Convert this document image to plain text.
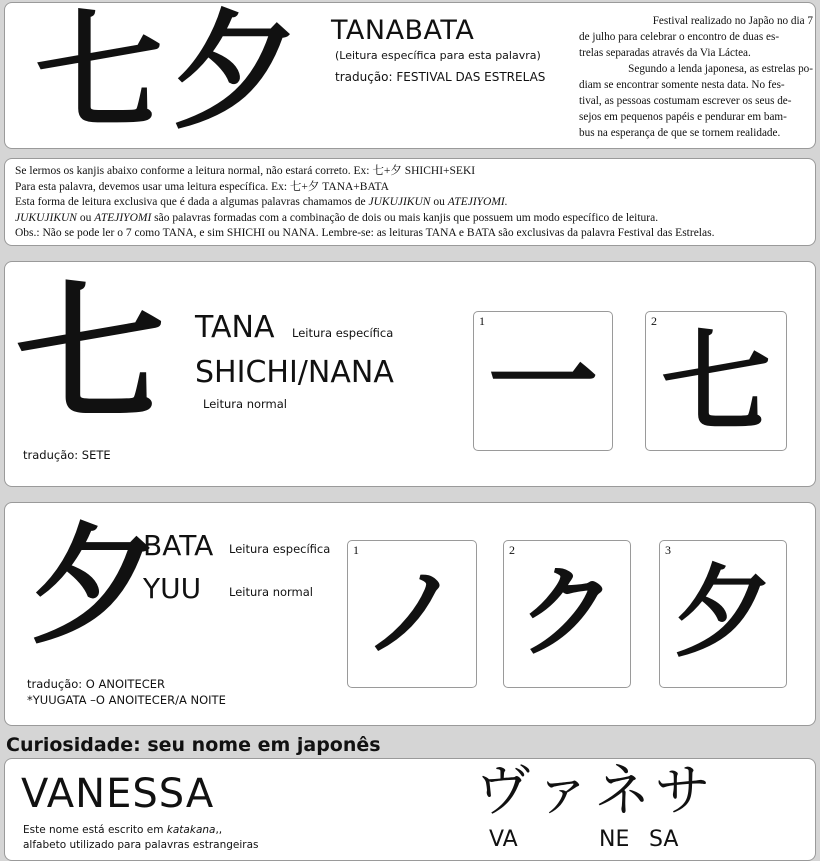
七夕 TANABATA
(Leitura específica para esta palavra)
tradução: FESTIVAL DAS ESTRELAS

Festival realizado no Japão no dia 7

de julho para celebrar o encontro de duas es-

trelas separadas através da Via Láctea.

Segundo a lenda japonesa, as estrelas po-

diam se encontrar somente nesta data. No fes-

tival, as pessoas costumam escrever os seus de-

sejos em pequenos papéis e pendurar em bam-

bus na esperança de que se tornem realidade.

Se lermos os kanjis abaixo conforme a leitura normal, não estará correto. Ex: 七+夕 SHICHI+SEKI
Para esta palavra, devemos usar uma leitura específica. Ex: 七+夕 TANA+BATA
Esta forma de leitura exclusiva que é dada a algumas palavras chamamos de JUKUJIKUN ou ATEJIYOMI.
JUKUJIKUN ou ATEJIYOMI são palavras formadas com a combinação de dois ou mais kanjis que possuem um modo específico de leitura.
Obs.: Não se pode ler o 7 como TANA, e sim SHICHI ou NANA. Lembre-se: as leituras TANA e BATA são exclusivas da palavra Festival das Estrelas.
七 TANA Leitura específica
SHICHI/NANA
Leitura normal
tradução: SETE
1 一	2 七
夕
BATA Leitura específica
YUU Leitura normal
tradução: O ANOITECER
*YUUGATA –O ANOITECER/A NOITE
1
ノ
2
ク
3
夕
Curiosidade: seu nome em japonês
VANESSA
Este nome está escrito em katakana,,
alfabeto utilizado para palavras estrangeiras
ヴァネサ
VA	NE SA
